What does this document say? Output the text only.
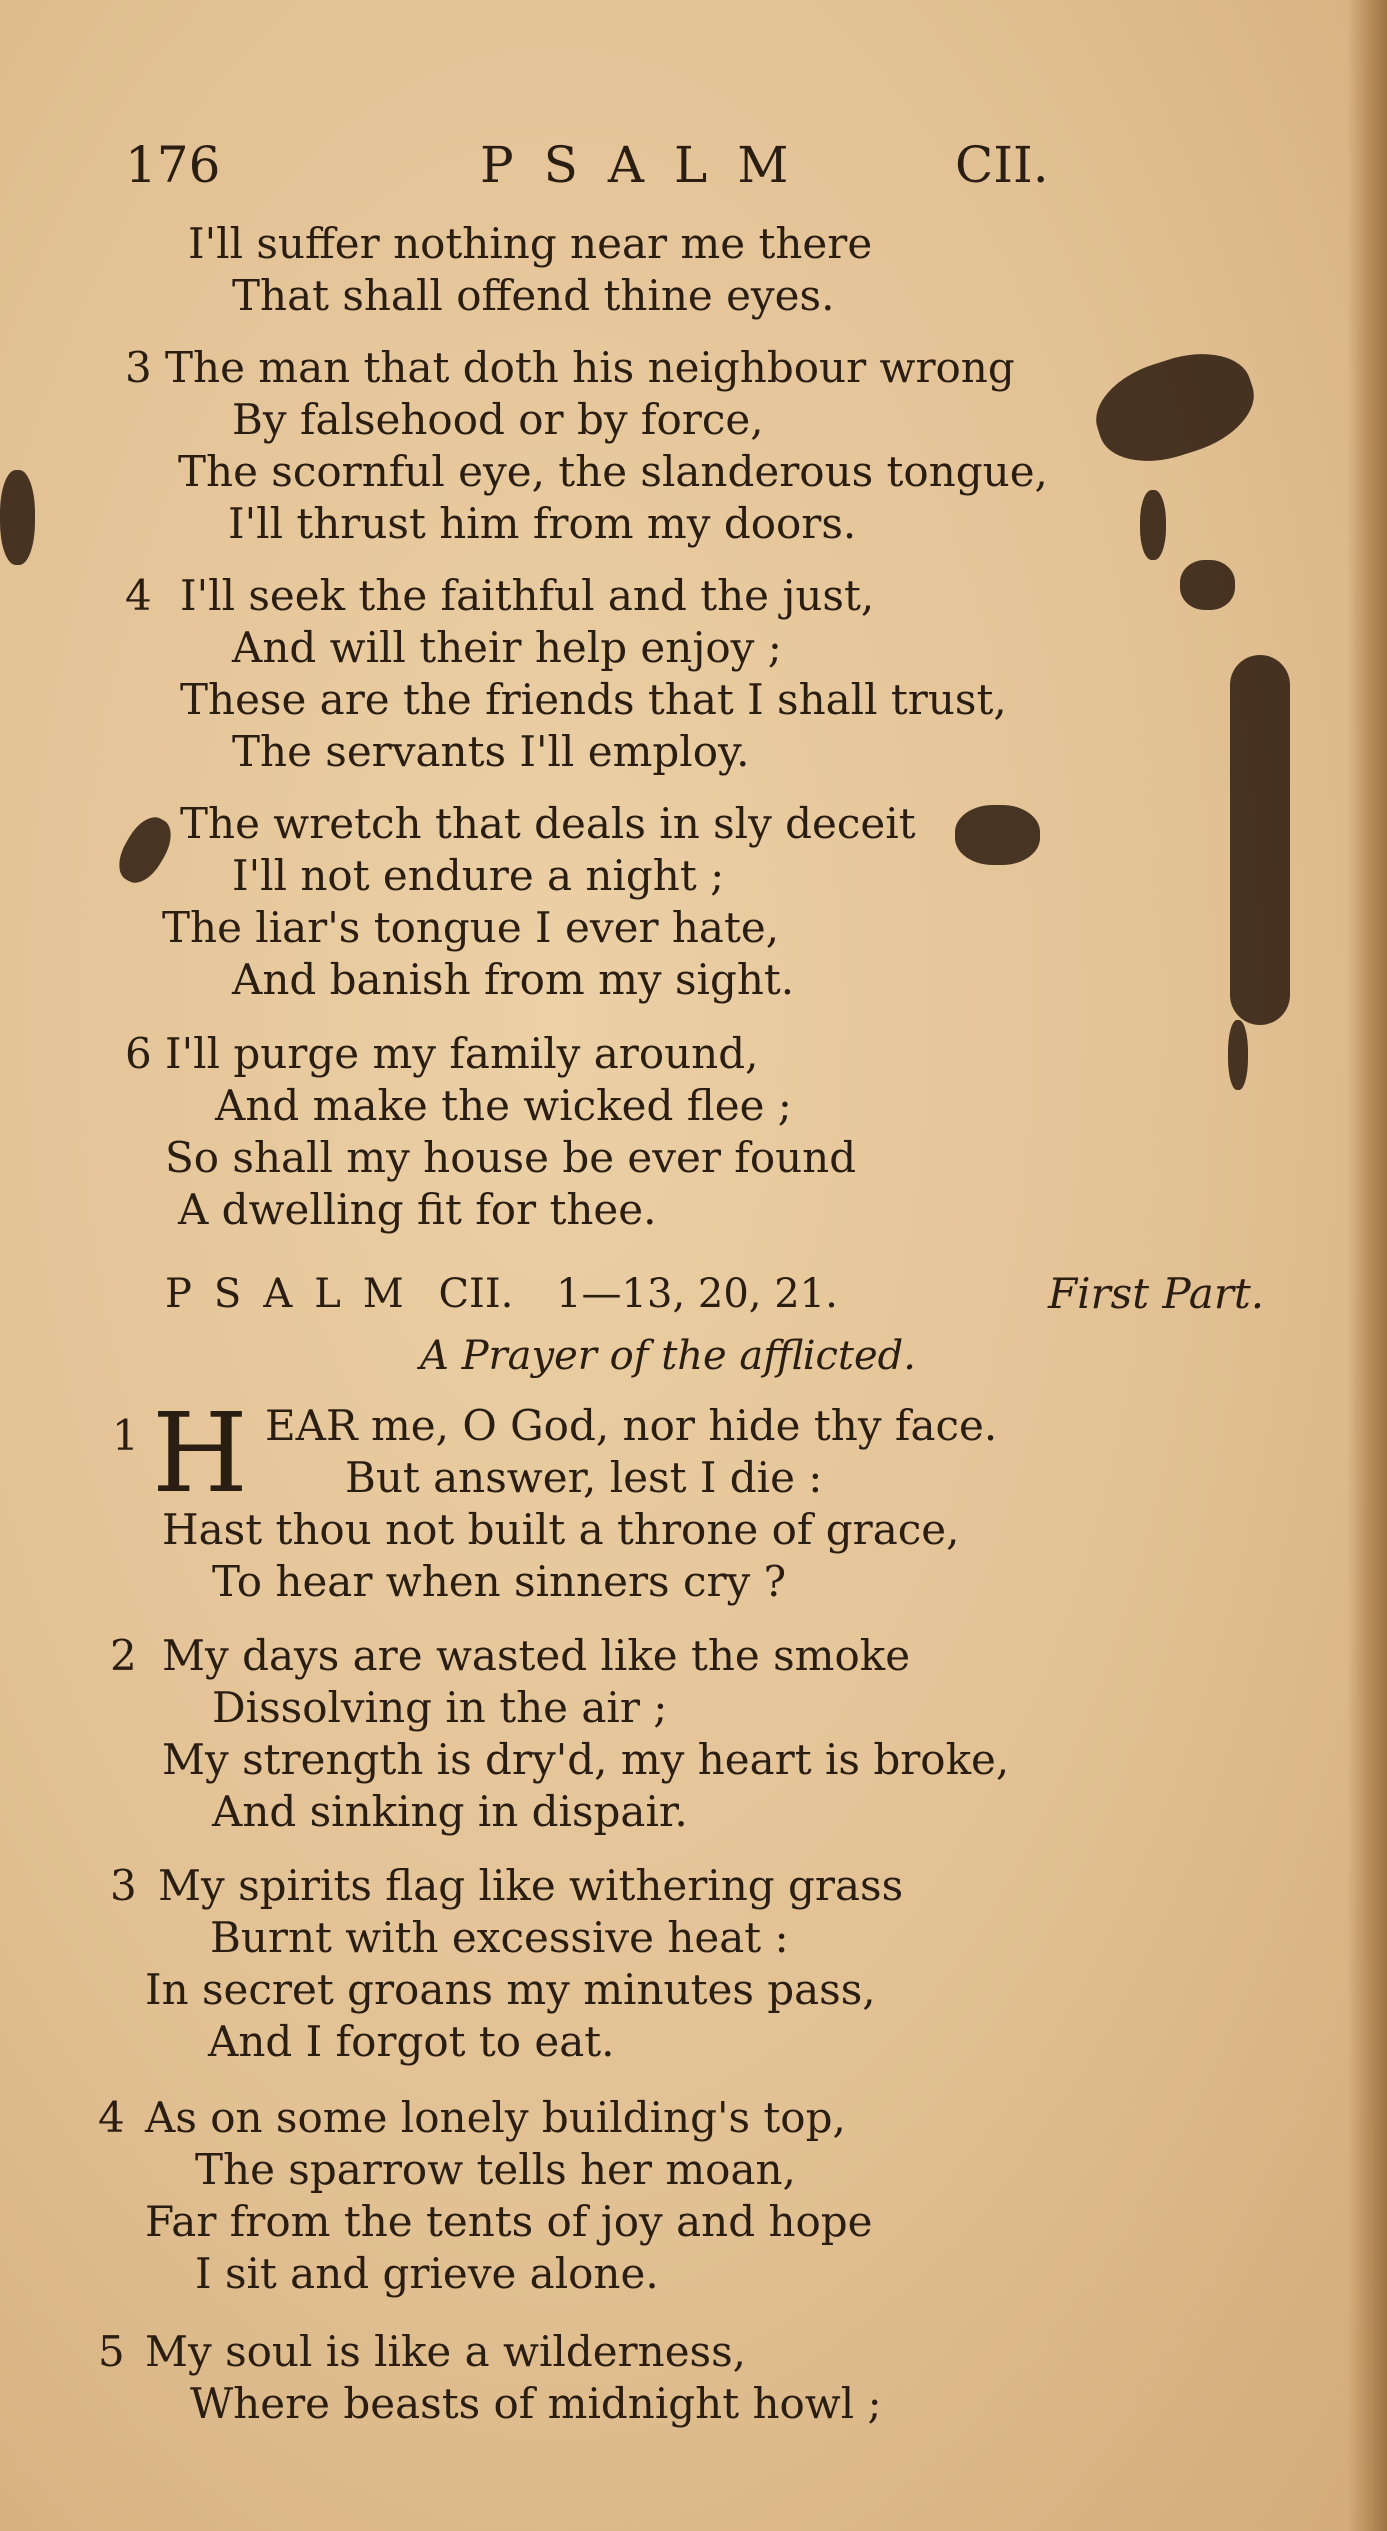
176	PSALM	CII.
I'll suffer nothing near me there
That shall offend thine eyes.
3 The man that doth his neighbour wrong
By falsehood or by force,
The scornful eye, the slanderous tongue,
I'll thrust him from my doors.
4 I'll seek the faithful and the just,
And will their help enjoy ;
These are the friends that I shall trust,
The servants I'll employ.
The wretch that deals in sly deceit
I'll not endure a night ;
The liar's tongue I ever hate,
And banish from my sight.
6 I'll purge my family around,
And make the wicked flee ;
So shall my house be ever found
A dwelling fit for thee.
PSALM CII. 1—13, 20, 21.	First Part.
A Prayer of the afflicted.
1 H EAR me, O God, nor hide thy face.
But answer, lest I die :
Hast thou not built a throne of grace,
To hear when sinners cry ?
2 My days are wasted like the smoke
Dissolving in the air ;
My strength is dry'd, my heart is broke,
And sinking in dispair.
3 My spirits flag like withering grass
Burnt with excessive heat :
In secret groans my minutes pass,
And I forgot to eat.
4 As on some lonely building's top,
The sparrow tells her moan,
Far from the tents of joy and hope
I sit and grieve alone.
5 My soul is like a wilderness,
Where beasts of midnight howl ;
